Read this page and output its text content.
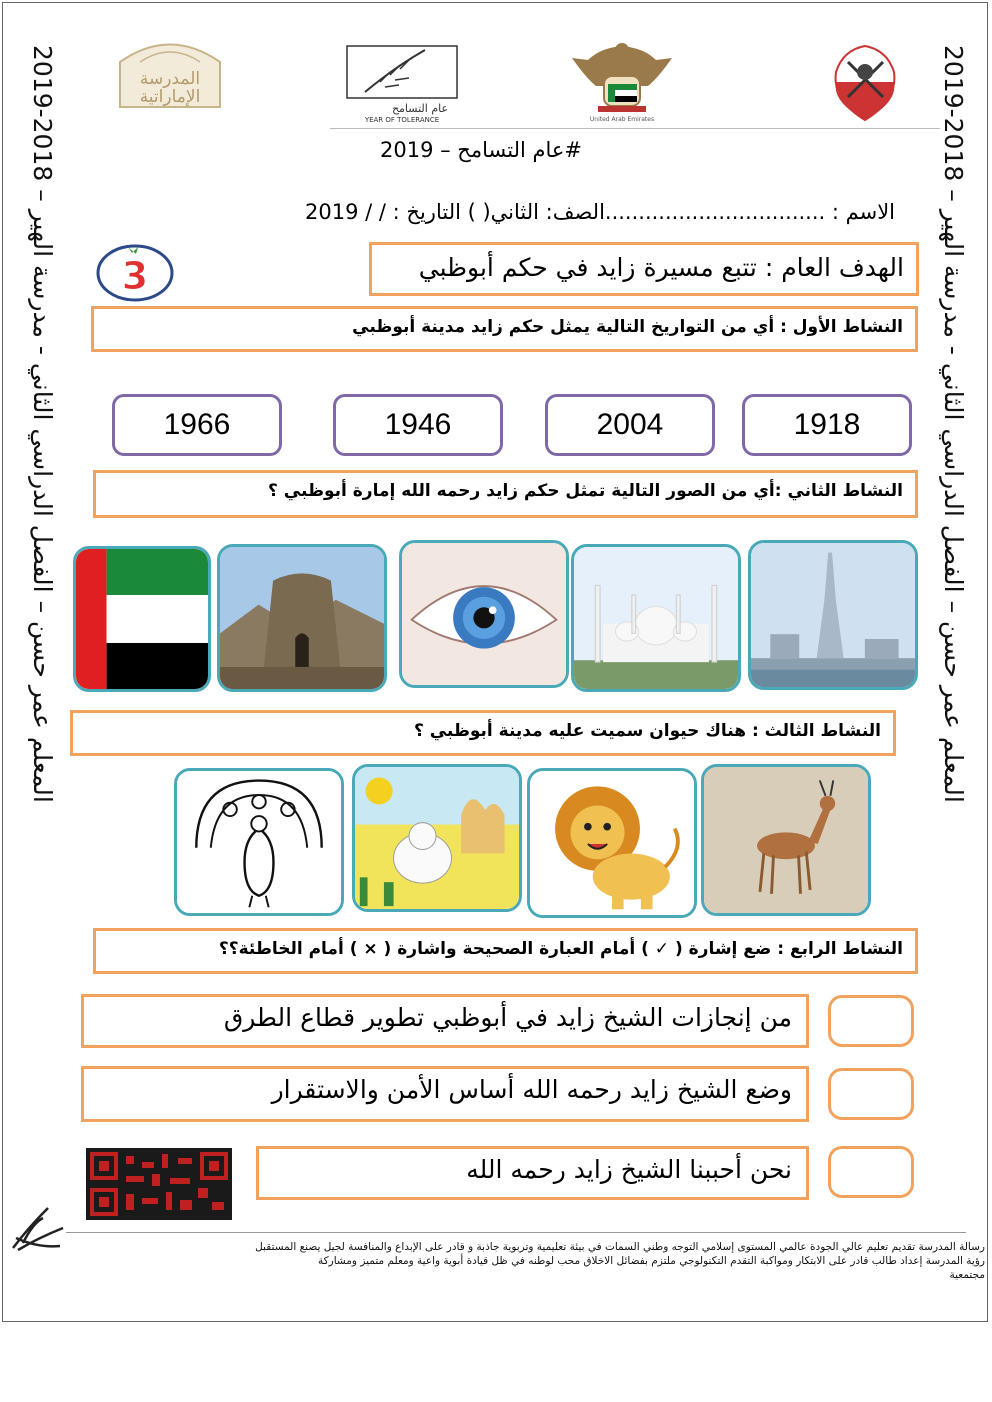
المعلم عمر حسن – الفصل الدراسي الثاني - مدرسة الهير – 2018-2019
المعلم عمر حسن – الفصل الدراسي الثاني - مدرسة الهير – 2018-2019
المدرسة
الإماراتية
عام التسامح
YEAR OF TOLERANCE	United Arab Emirates
#عام التسامح – 2019
الاسم : .................................الصف: الثاني( ) التاريخ : / / 2019
3	الهدف العام : تتبع مسيرة زايد في حكم أبوظبي
النشاط الأول : أي من التواريخ التالية يمثل حكم زايد مدينة أبوظبي
1918
2004
1946
1966
النشاط الثاني :أي من الصور التالية تمثل حكم زايد رحمه الله إمارة أبوظبي ؟
النشاط الثالث : هناك حيوان سميت عليه مدينة أبوظبي ؟
النشاط الرابع : ضع إشارة ( ✓ ) أمام العبارة الصحيحة واشارة ( × ) أمام الخاطئة؟؟
من إنجازات الشيخ زايد في أبوظبي تطوير قطاع الطرق
وضع الشيخ زايد رحمه الله أساس الأمن والاستقرار
نحن أحببنا الشيخ زايد رحمه الله
رسالة المدرسة تقديم تعليم عالي الجودة عالمي المستوى إسلامي التوجه وطني السمات في بيئة تعليمية وتربوية جاذبة و قادر على الإبداع والمنافسة لجيل يصنع المستقبل
رؤية المدرسة إعداد طالب قادر على الابتكار ومواكبة التقدم التكنولوجي ملتزم بفضائل الاخلاق محب لوطنه في ظل قيادة أبوية واعية ومعلم متميز ومشاركة
مجتمعية
